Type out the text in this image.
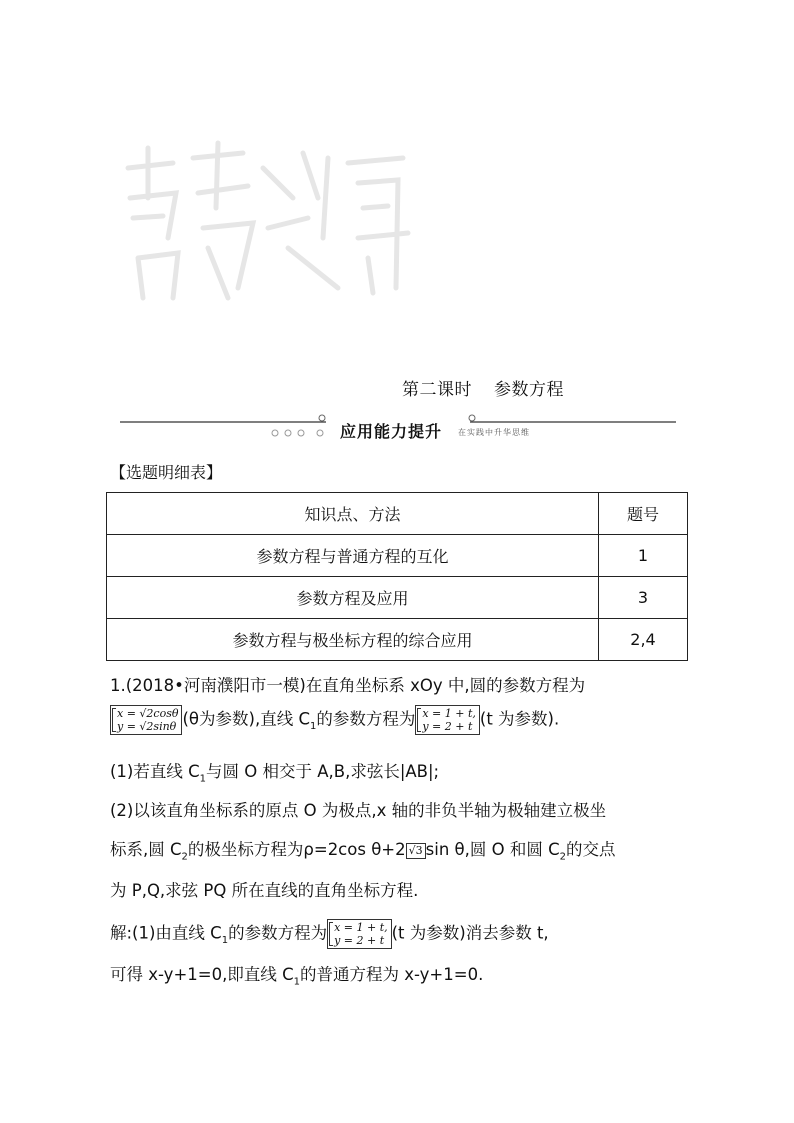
第二课时 参数方程
应用能力提升 在实践中升华思维
【选题明细表】
知识点、方法	题号
参数方程与普通方程的互化	1
参数方程及应用	3
参数方程与极坐标方程的综合应用	2,4
1.(2018•河南濮阳市一模)在直角坐标系 xOy 中,圆的参数方程为
x = √2cosθ
y = √2sinθ (θ为参数),直线 $C_1$的参数方程为 x = 1 + t,
y = 2 + t (t 为参数).
(1)若直线 $C_1$与圆 O 相交于 A,B,求弦长|AB|;
(2)以该直角坐标系的原点 O 为极点,x 轴的非负半轴为极轴建立极坐
标系,圆 $C_2$的极坐标方程为ρ=2cos θ+2 √3 sin θ,圆 O 和圆 $C_2$的交点
为 P,Q,求弦 PQ 所在直线的直角坐标方程.
解:(1)由直线 $C_1$的参数方程为 x = 1 + t,
y = 2 + t (t 为参数)消去参数 t,
可得 x-y+1=0,即直线 $C_1$的普通方程为 x-y+1=0.
